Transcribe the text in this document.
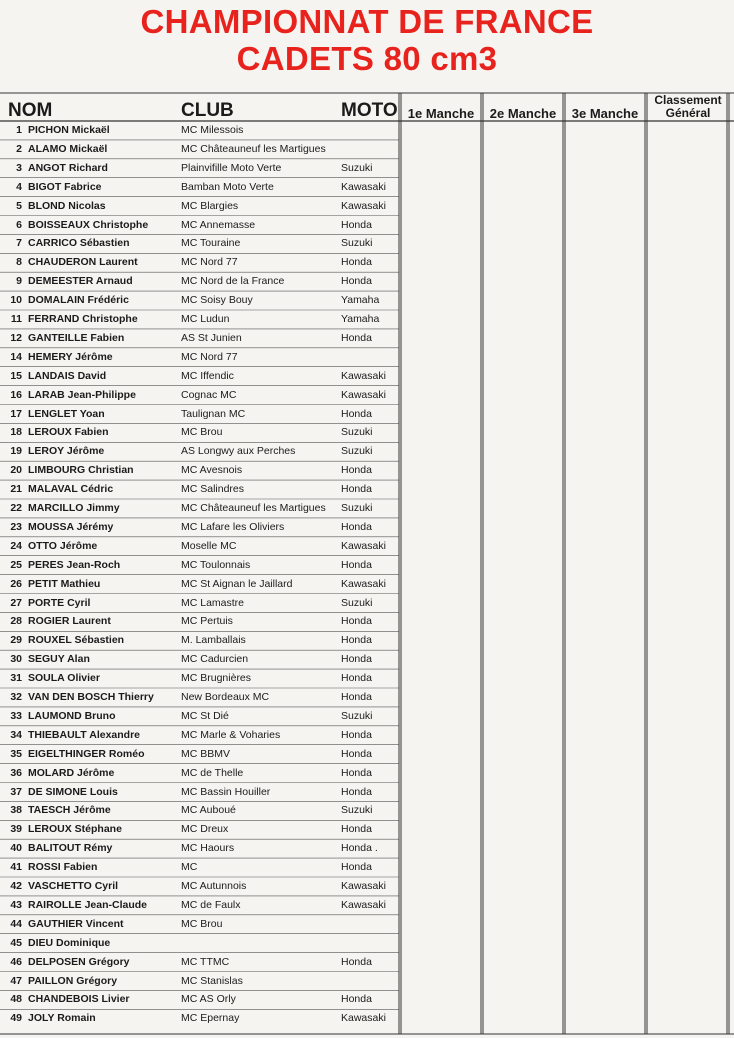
CHAMPIONNAT DE FRANCE
CADETS 80 cm3
NOM	CLUB	MOTO 1e Manche	2e Manche	3e Manche
Classement
Général
1 PICHON Mickaël	MC Milessois
2 ALAMO Mickaël	MC Châteauneuf les Martigues
3 ANGOT Richard	Plainvifille Moto Verte	Suzuki
4 BIGOT Fabrice	Bamban Moto Verte	Kawasaki
5 BLOND Nicolas	MC Blargies	Kawasaki
6 BOISSEAUX Christophe	MC Annemasse	Honda
7 CARRICO Sébastien	MC Touraine	Suzuki
8 CHAUDERON Laurent	MC Nord 77	Honda
9 DEMEESTER Arnaud	MC Nord de la France	Honda
10 DOMALAIN Frédéric	MC Soisy Bouy	Yamaha
11 FERRAND Christophe	MC Ludun	Yamaha
12 GANTEILLE Fabien	AS St Junien	Honda
14 HEMERY Jérôme	MC Nord 77
15 LANDAIS David	MC Iffendic	Kawasaki
16 LARAB Jean-Philippe	Cognac MC	Kawasaki
17 LENGLET Yoan	Taulignan MC	Honda
18 LEROUX Fabien	MC Brou	Suzuki
19 LEROY Jérôme	AS Longwy aux Perches	Suzuki
20 LIMBOURG Christian	MC Avesnois	Honda
21 MALAVAL Cédric	MC Salindres	Honda
22 MARCILLO Jimmy	MC Châteauneuf les Martigues Suzuki
23 MOUSSA Jérémy	MC Lafare les Oliviers	Honda
24 OTTO Jérôme	Moselle MC	Kawasaki
25 PERES Jean-Roch	MC Toulonnais	Honda
26 PETIT Mathieu	MC St Aignan le Jaillard	Kawasaki
27 PORTE Cyril	MC Lamastre	Suzuki
28 ROGIER Laurent	MC Pertuis	Honda
29 ROUXEL Sébastien	M. Lamballais	Honda
30 SEGUY Alan	MC Cadurcien	Honda
31 SOULA Olivier	MC Brugnières	Honda
32 VAN DEN BOSCH Thierry	New Bordeaux MC	Honda
33 LAUMOND Bruno	MC St Dié	Suzuki
34 THIEBAULT Alexandre	MC Marle & Voharies	Honda
35 EIGELTHINGER Roméo	MC BBMV	Honda
36 MOLARD Jérôme	MC de Thelle	Honda
37 DE SIMONE Louis	MC Bassin Houiller	Honda
38 TAESCH Jérôme	MC Auboué	Suzuki
39 LEROUX Stéphane	MC Dreux	Honda
40 BALITOUT Rémy	MC Haours	Honda .
41 ROSSI Fabien	MC	Honda
42 VASCHETTO Cyril	MC Autunnois	Kawasaki
43 RAIROLLE Jean-Claude	MC de Faulx	Kawasaki
44 GAUTHIER Vincent	MC Brou
45 DIEU Dominique
46 DELPOSEN Grégory	MC TTMC	Honda
47 PAILLON Grégory	MC Stanislas
48 CHANDEBOIS Livier	MC AS Orly	Honda
49 JOLY Romain	MC Epernay	Kawasaki
